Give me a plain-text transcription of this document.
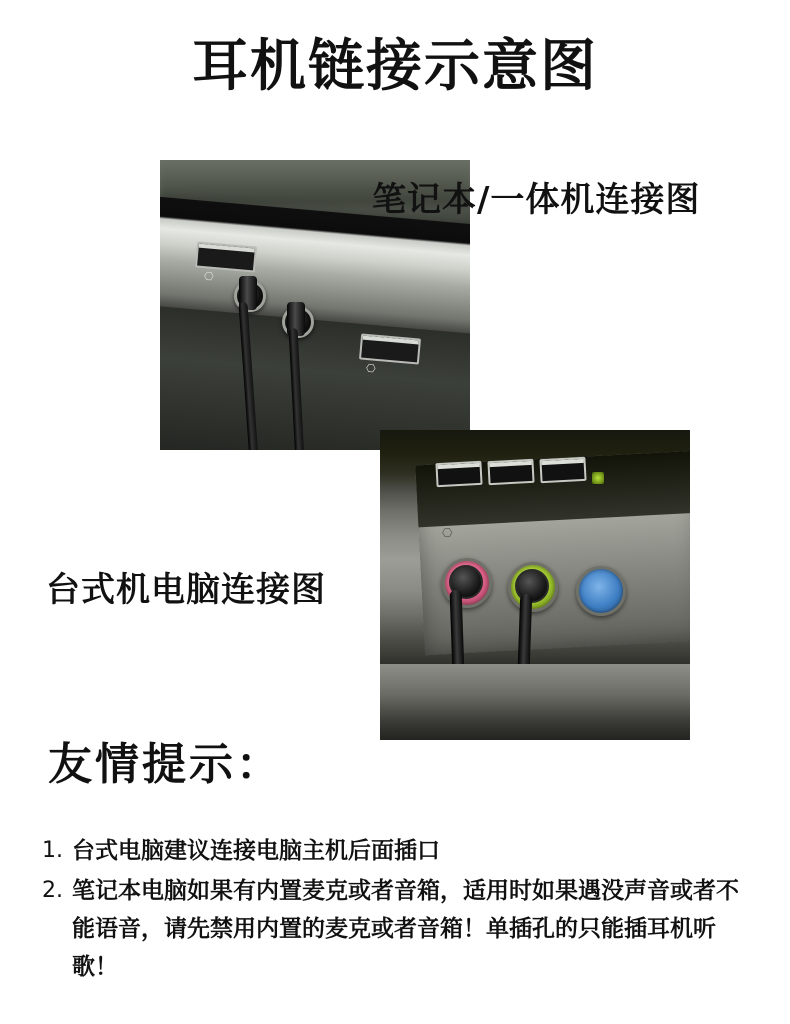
耳机链接示意图
⎔
⎔
笔记本/一体机连接图
⎔
台式机电脑连接图
友情提示：
1. 台式电脑建议连接电脑主机后面插口
2. 笔记本电脑如果有内置麦克或者音箱，适用时如果遇没声音或者不能语音，请先禁用内置的麦克或者音箱！单插孔的只能插耳机听歌！
